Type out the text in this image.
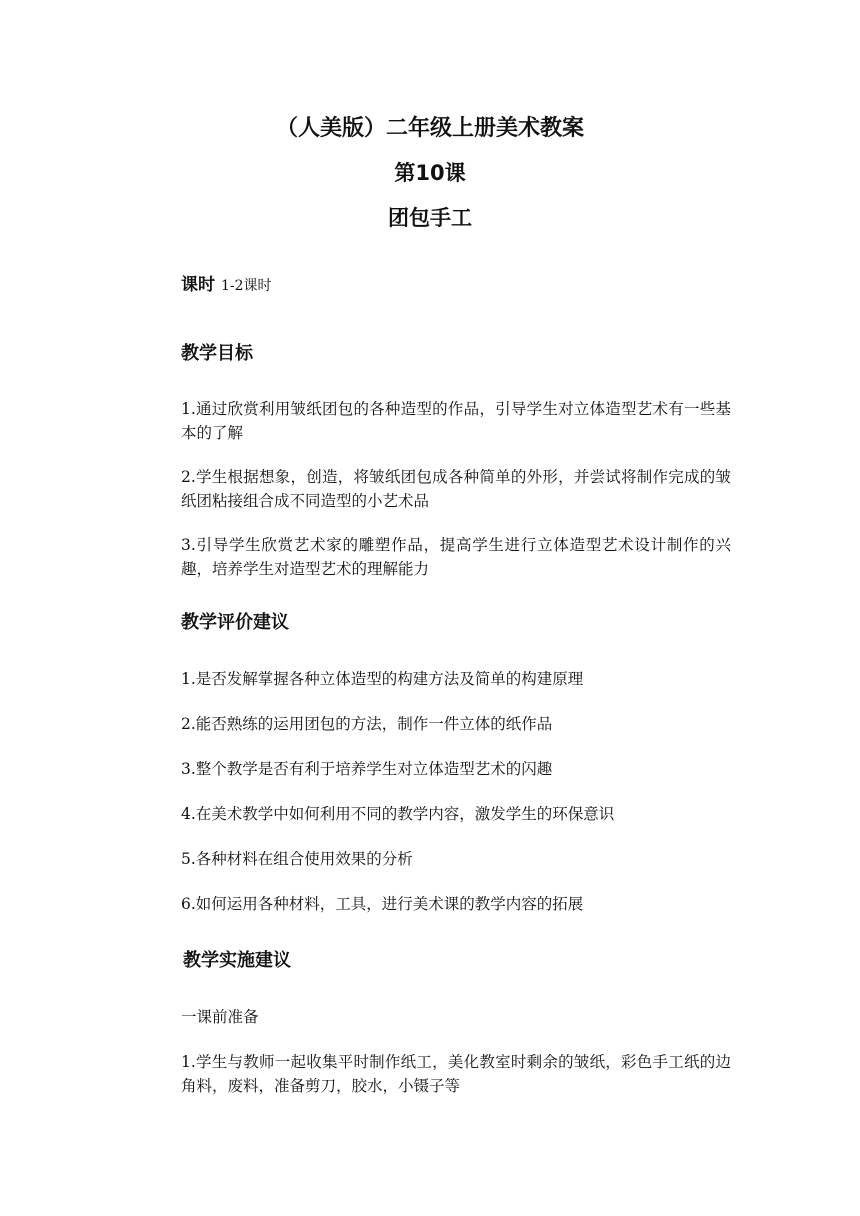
（人美版）二年级上册美术教案
第10课
团包手工

课时 1-2课时

教学目标

1.通过欣赏利用皱纸团包的各种造型的作品，引导学生对立体造型艺术有一些基本的了解

2.学生根据想象，创造，将皱纸团包成各种简单的外形，并尝试将制作完成的皱纸团粘接组合成不同造型的小艺术品

3.引导学生欣赏艺术家的雕塑作品，提高学生进行立体造型艺术设计制作的兴趣，培养学生对造型艺术的理解能力

教学评价建议

1.是否发解掌握各种立体造型的构建方法及简单的构建原理

2.能否熟练的运用团包的方法，制作一件立体的纸作品

3.整个教学是否有利于培养学生对立体造型艺术的闪趣

4.在美术教学中如何利用不同的教学内容，激发学生的环保意识

5.各种材料在组合使用效果的分析

6.如何运用各种材料，工具，进行美术课的教学内容的拓展

教学实施建议

一课前准备

1.学生与教师一起收集平时制作纸工，美化教室时剩余的皱纸，彩色手工纸的边角料，废料，准备剪刀，胶水，小镊子等
